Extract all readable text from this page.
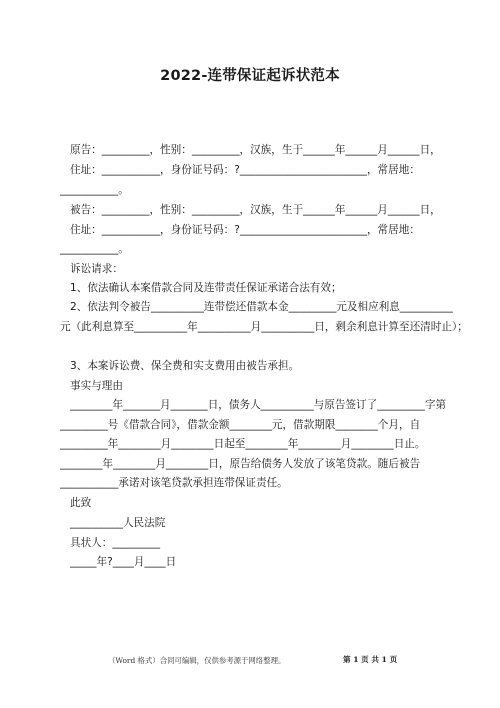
2022-连带保证起诉状范本
原告：_________，性别：_________，汉族，生于______年______月______日，
住址：___________，身份证号码：?________________________，常居地：
___________。
被告：_________，性别：_________，汉族，生于______年______月______日，
住址：___________，身份证号码：?________________________，常居地：
___________。
诉讼请求：
1、依法确认本案借款合同及连带责任保证承诺合法有效；
2、依法判令被告__________连带偿还借款本金_________元及相应利息__________
元（此利息算至__________年__________月__________日，剩余利息计算至还清时止）；
3、本案诉讼费、保全费和实支费用由被告承担。
事实与理由
________年_______月_______日，债务人__________与原告签订了_________字第
_________号《借款合同》，借款金额________元，借款期限________个月，自
_________年________月________日起至________年________月________日止。
________年________月________日，原告给债务人发放了该笔贷款。随后被告
___________承诺对该笔贷款承担连带保证责任。
此致
__________人民法院
具状人：_________
_____年?____月____日
（Word 格式）合同可编辑，仅供参考源于网络整理。	第 1 页 共 1 页
